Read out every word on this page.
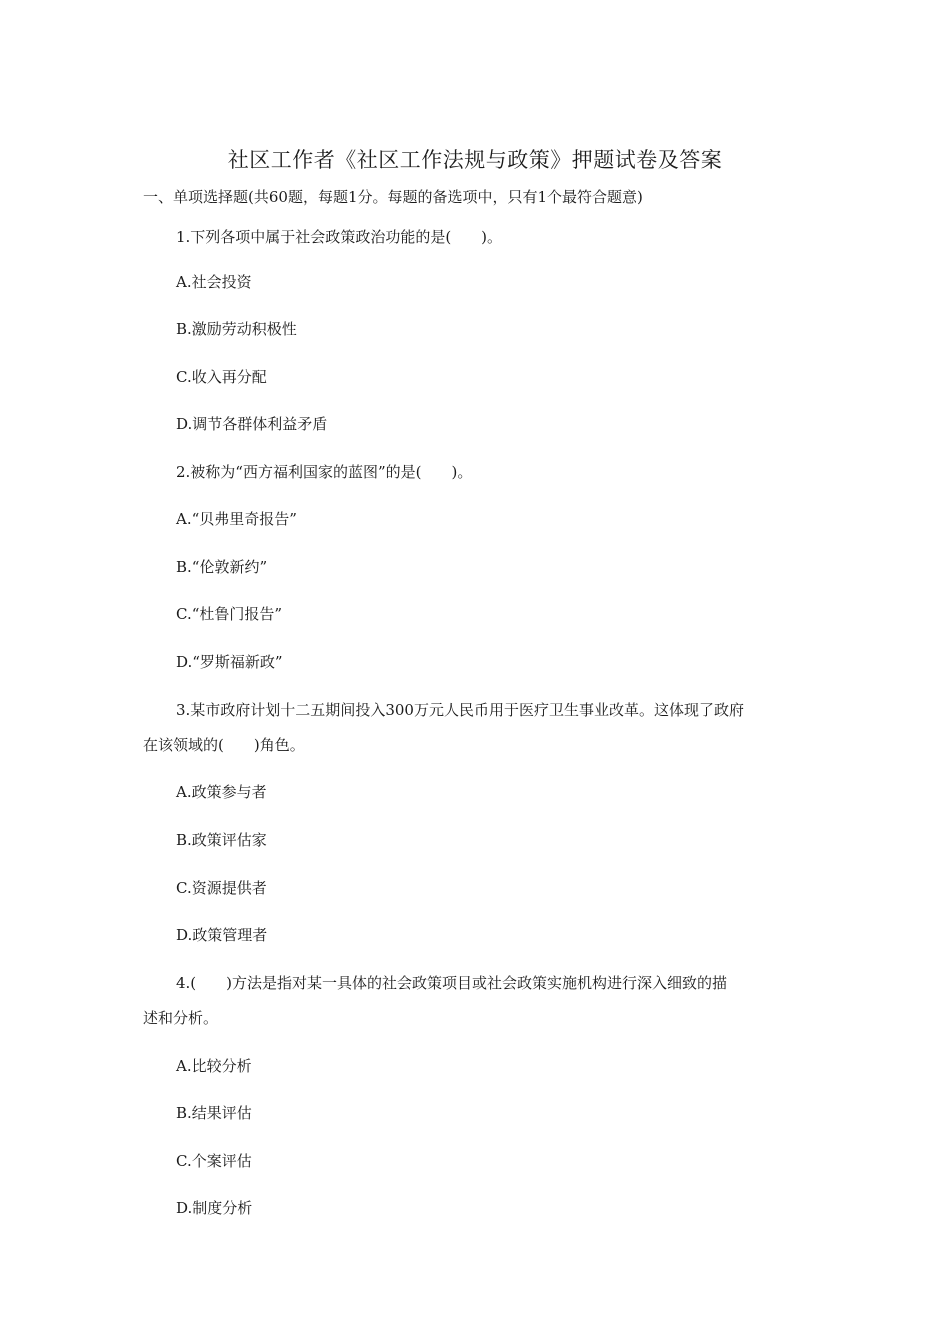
社区工作者《社区工作法规与政策》押题试卷及答案
一、单项选择题(共60题，每题1分。每题的备选项中，只有1个最符合题意)
1.下列各项中属于社会政策政治功能的是(　　)。
A.社会投资
B.激励劳动积极性
C.收入再分配
D.调节各群体利益矛盾
2.被称为“西方福利国家的蓝图”的是(　　)。
A.“贝弗里奇报告”
B.“伦敦新约”
C.“杜鲁门报告”
D.“罗斯福新政”
3.某市政府计划十二五期间投入300万元人民币用于医疗卫生事业改革。这体现了政府
在该领域的(　　)角色。
A.政策参与者
B.政策评估家
C.资源提供者
D.政策管理者
4.(　　)方法是指对某一具体的社会政策项目或社会政策实施机构进行深入细致的描
述和分析。
A.比较分析
B.结果评估
C.个案评估
D.制度分析
